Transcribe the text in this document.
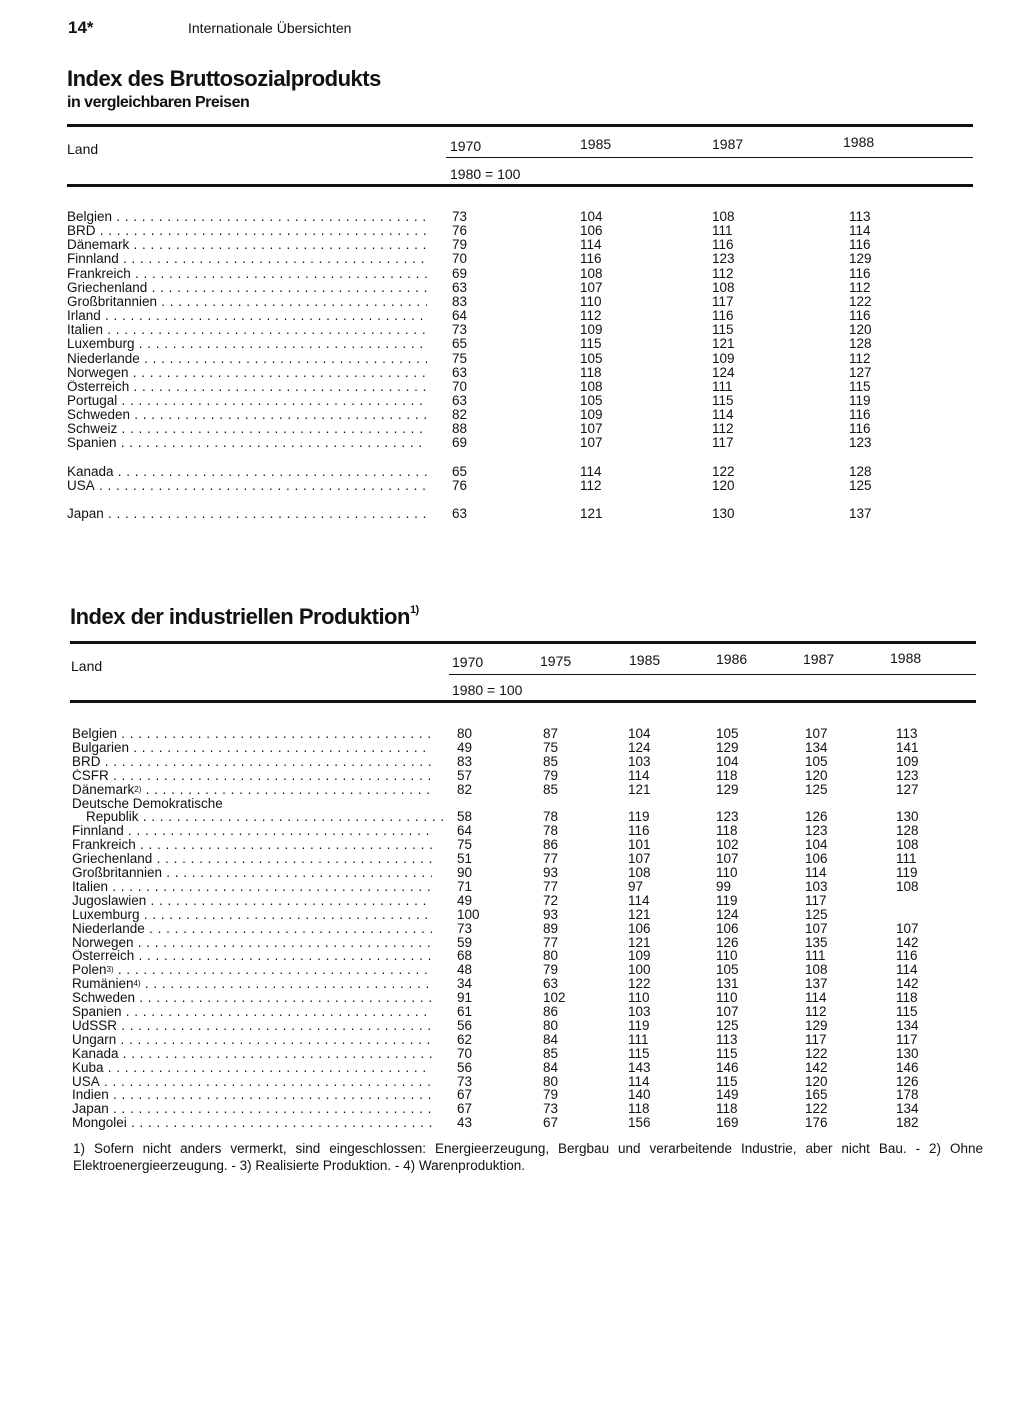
14*	Internationale Übersichten
Index des Bruttosozialprodukts
in vergleichbaren Preisen
Land	1970	1985	1987	1988
1980 = 100
Belgien . . .	73	104	108	113
BRD . . .	76	106	111	114
Dänemark . . .	79	114	116	116
Finnland . . .	70	116	123	129
Frankreich . . .	69	108	112	116
Griechenland . . .	63	107	108	112
Großbritannien . . .	83	110	117	122
Irland . . .	64	112	116	116
Italien . . .	73	109	115	120
Luxemburg . . .	65	115	121	128
Niederlande . . .	75	105	109	112
Norwegen . . .	63	118	124	127
Österreich . . .	70	108	111	115
Portugal . . .	63	105	115	119
Schweden . . .	82	109	114	116
Schweiz . . .	88	107	112	116
Spanien . . .	69	107	117	123
Kanada . . .	65	114	122	128
USA . . .	76	112	120	125
Japan . . .	63	121	130	137
Index der industriellen Produktion$^{1)}$
Land	1970	1975	1985	1986	1987	1988
1980 = 100
Belgien . . .	80	87	104	105	107	113
Bulgarien . . .	49	75	124	129	134	141
BRD . . .	83	85	103	104	105	109
ČSFR . . .	57	79	114	118	120	123
Dänemark$^{2)}$ . . .	82	85	121	129	125	127
Deutsche Demokratische
Republik . . .	58	78	119	123	126	130
Finnland . . .	64	78	116	118	123	128
Frankreich . . .	75	86	101	102	104	108
Griechenland . . .	51	77	107	107	106	111
Großbritannien . . .	90	93	108	110	114	119
Italien . . .	71	77	97	99	103	108
Jugoslawien . . .	49	72	114	119	117
Luxemburg . . .	100	93	121	124	125
Niederlande . . .	73	89	106	106	107	107
Norwegen . . .	59	77	121	126	135	142
Österreich . . .	68	80	109	110	111	116
Polen$^{3)}$ . . .	48	79	100	105	108	114
Rumänien$^{4)}$ . . .	34	63	122	131	137	142
Schweden . . .	91	102	110	110	114	118
Spanien . . .	61	86	103	107	112	115
UdSSR . . .	56	80	119	125	129	134
Ungarn . . .	62	84	111	113	117	117
Kanada . . .	70	85	115	115	122	130
Kuba . . .	56	84	143	146	142	146
USA . . .	73	80	114	115	120	126
Indien . . .	67	79	140	149	165	178
Japan . . .	67	73	118	118	122	134
Mongolei . . .	43	67	156	169	176	182
1) Sofern nicht anders vermerkt, sind eingeschlossen: Energieerzeugung, Bergbau und verarbeitende Industrie, aber nicht Bau. - 2) Ohne Elektroenergieerzeugung. - 3) Realisierte Produktion. - 4) Warenproduktion.
